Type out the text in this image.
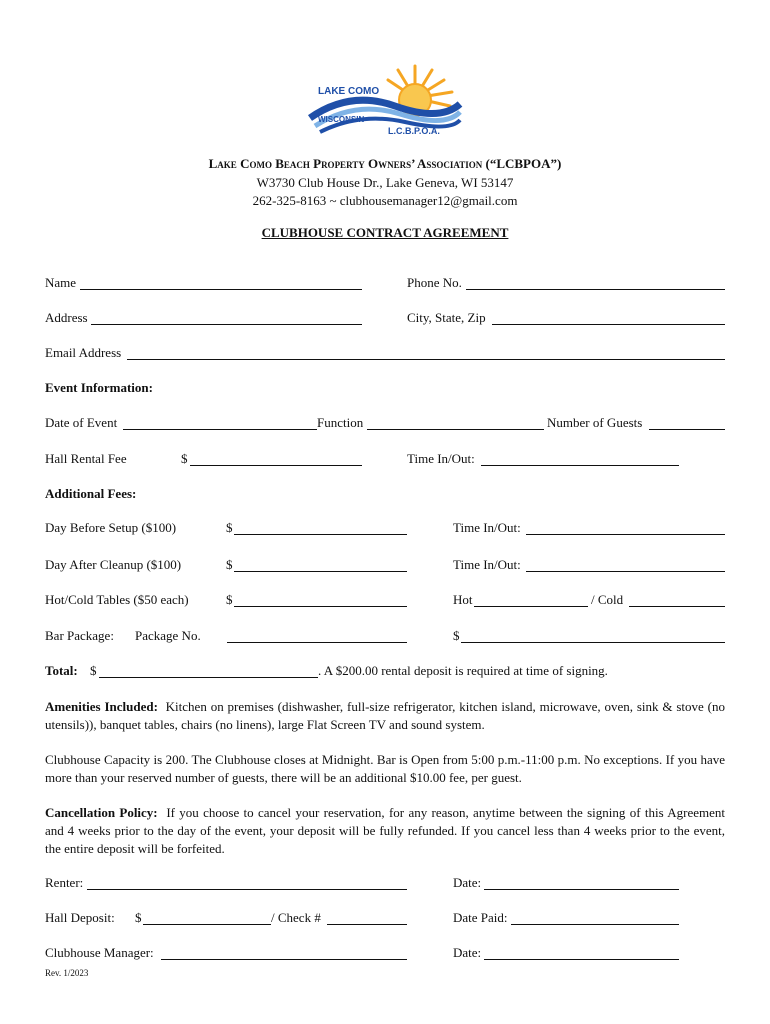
LAKE COMO
WISCONSIN
L.C.B.P.O.A.
Lake Como Beach Property Owners’ Association (“LCBPOA”)
W3730 Club House Dr., Lake Geneva, WI 53147
262-325-8163 ~ clubhousemanager12@gmail.com
CLUBHOUSE CONTRACT AGREEMENT
Name	Phone No.
Address	City, State, Zip
Email Address
Event Information:
Date of Event	Function	Number of Guests
Hall Rental Fee	$	Time In/Out:
Additional Fees:
Day Before Setup ($100)	$	Time In/Out:
Day After Cleanup ($100)	$	Time In/Out:
Hot/Cold Tables ($50 each)	$	Hot	/ Cold
Bar Package: Package No.	$
Total: $	. A $200.00 rental deposit is required at time of signing.
Amenities Included: Kitchen on premises (dishwasher, full-size refrigerator, kitchen island, microwave, oven, sink & stove (no utensils)), banquet tables, chairs (no linens), large Flat Screen TV and sound system.
Clubhouse Capacity is 200. The Clubhouse closes at Midnight. Bar is Open from 5:00 p.m.-11:00 p.m. No exceptions. If you have more than your reserved number of guests, there will be an additional $10.00 fee, per guest.
Cancellation Policy: If you choose to cancel your reservation, for any reason, anytime between the signing of this Agreement and 4 weeks prior to the day of the event, your deposit will be fully refunded. If you cancel less than 4 weeks prior to the event, the entire deposit will be forfeited.
Renter:	Date:
Hall Deposit: $	/ Check #	Date Paid:
Clubhouse Manager:	Date:
Rev. 1/2023
